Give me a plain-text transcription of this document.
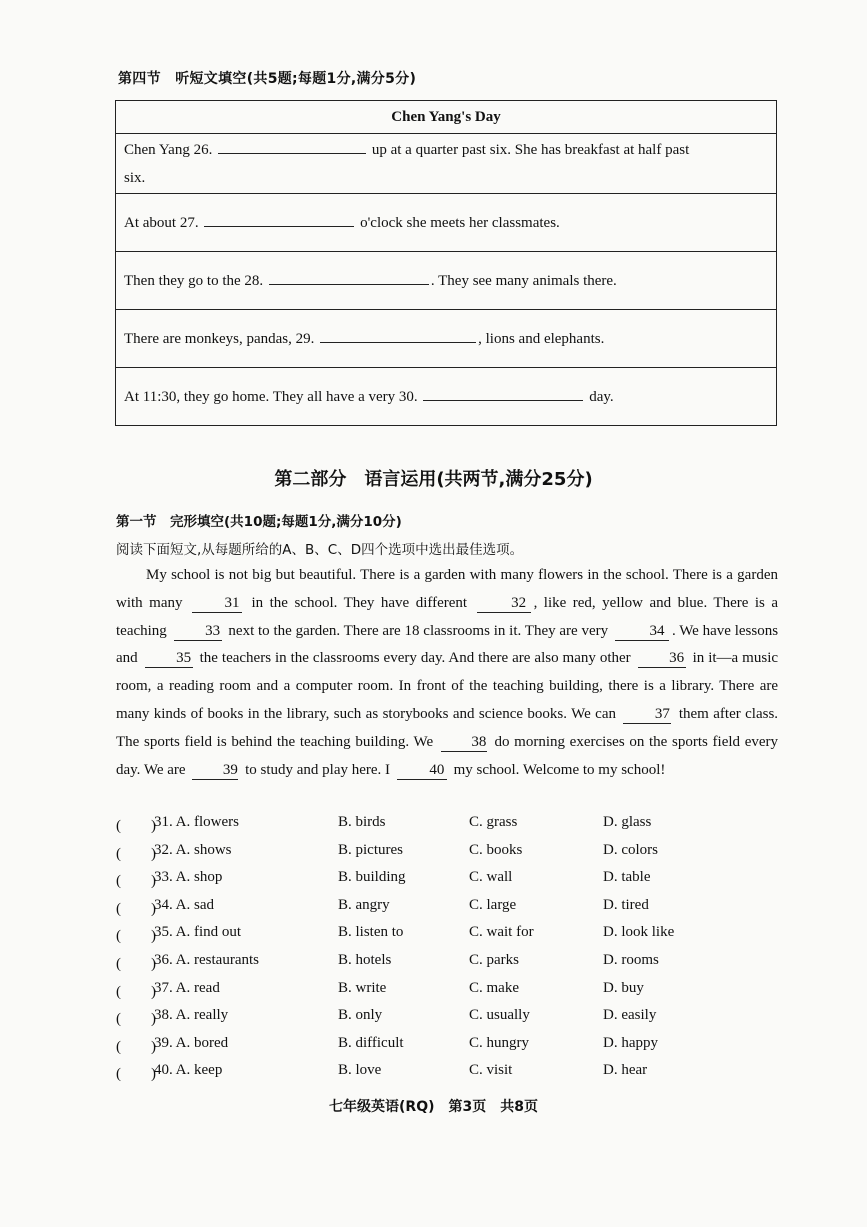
第四节　听短文填空(共5题;每题1分,满分5分)
Chen Yang's Day
Chen Yang 26.	up at a quarter past six. She has breakfast at half past
six.
At about 27.	o'clock she meets her classmates.
Then they go to the 28.	. They see many animals there.
There are monkeys, pandas, 29.	, lions and elephants.
At 11:30, they go home. They all have a very 30.	day.
第二部分　语言运用(共两节,满分25分)
第一节　完形填空(共10题;每题1分,满分10分)
阅读下面短文,从每题所给的A、B、C、D四个选项中选出最佳选项。

My school is not big but beautiful. There is a garden with many flowers in the school. There is a garden with many	31 in the school. They have different	32 , like red, yellow and blue. There is a teaching	33 next to the garden. There are 18 classrooms in it. They are very	34 . We have lessons and	35 the teachers in the classrooms every day. And there are also many other	36 in it—a music room, a reading room and a computer room. In front of the teaching building, there is a library. There are many kinds of books in the library, such as storybooks and science books. We can	37 them after class. The sports field is behind the teaching building. We	38 do morning exercises on the sports field every day. We are 39 to study and play here. I	40 my school. Welcome to my school!

(　　)
31. A. flowers	B. birds	C. grass	D. glass
(　　)
32. A. shows	B. pictures	C. books	D. colors
(　　)
33. A. shop	B. building	C. wall	D. table
(　　)
34. A. sad	B. angry	C. large	D. tired
(　　)
35. A. find out	B. listen to	C. wait for	D. look like
(　　)
36. A. restaurants	B. hotels	C. parks	D. rooms
(　　)
37. A. read	B. write	C. make	D. buy
(　　)
38. A. really	B. only	C. usually	D. easily
(　　)
39. A. bored	B. difficult	C. hungry	D. happy
(　　)
40. A. keep	B. love	C. visit	D. hear
七年级英语(RQ)　第3页　共8页
